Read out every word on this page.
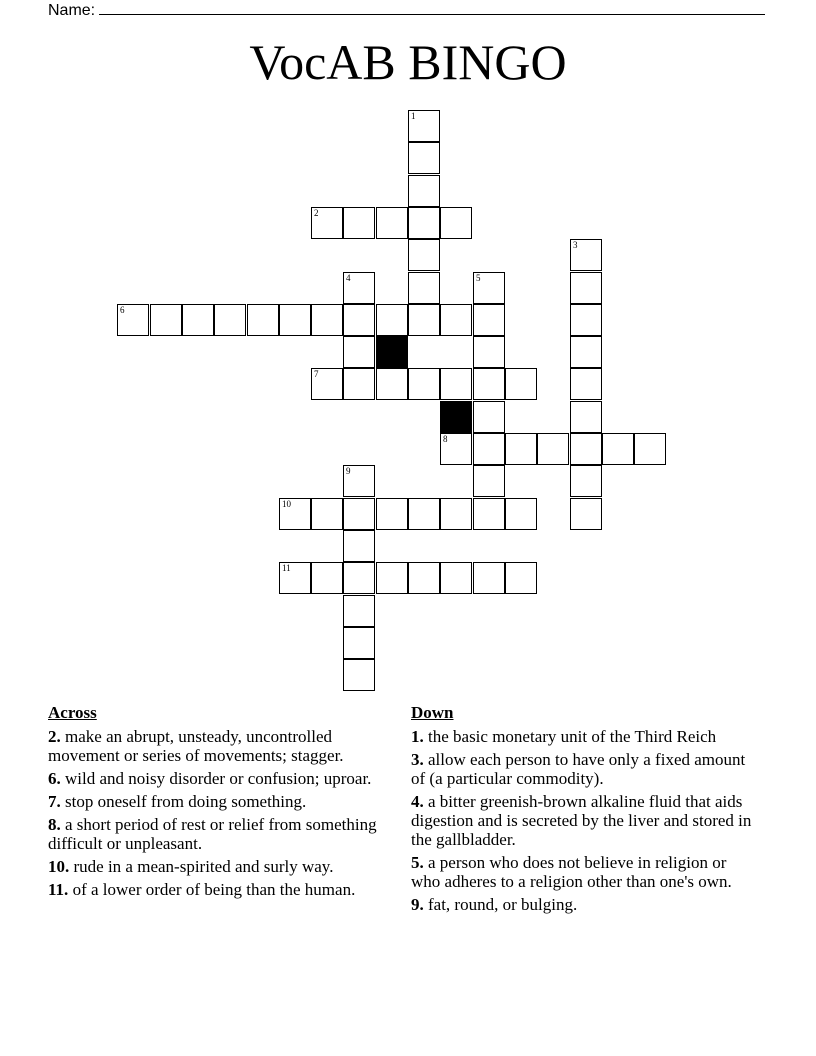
Name:
VocAB BINGO
1
2
3
4	5
6
7
8
9
10
11
Across
2. make an abrupt, unsteady, uncontrolled movement or series of movements; stagger.
6. wild and noisy disorder or confusion; uproar.
7. stop oneself from doing something.
8. a short period of rest or relief from something difficult or unpleasant.
10. rude in a mean-spirited and surly way.
11. of a lower order of being than the human.
Down
1. the basic monetary unit of the Third Reich
3. allow each person to have only a fixed amount of (a particular commodity).
4. a bitter greenish-brown alkaline fluid that aids digestion and is secreted by the liver and stored in the gallbladder.
5. a person who does not believe in religion or who adheres to a religion other than one's own.
9. fat, round, or bulging.
